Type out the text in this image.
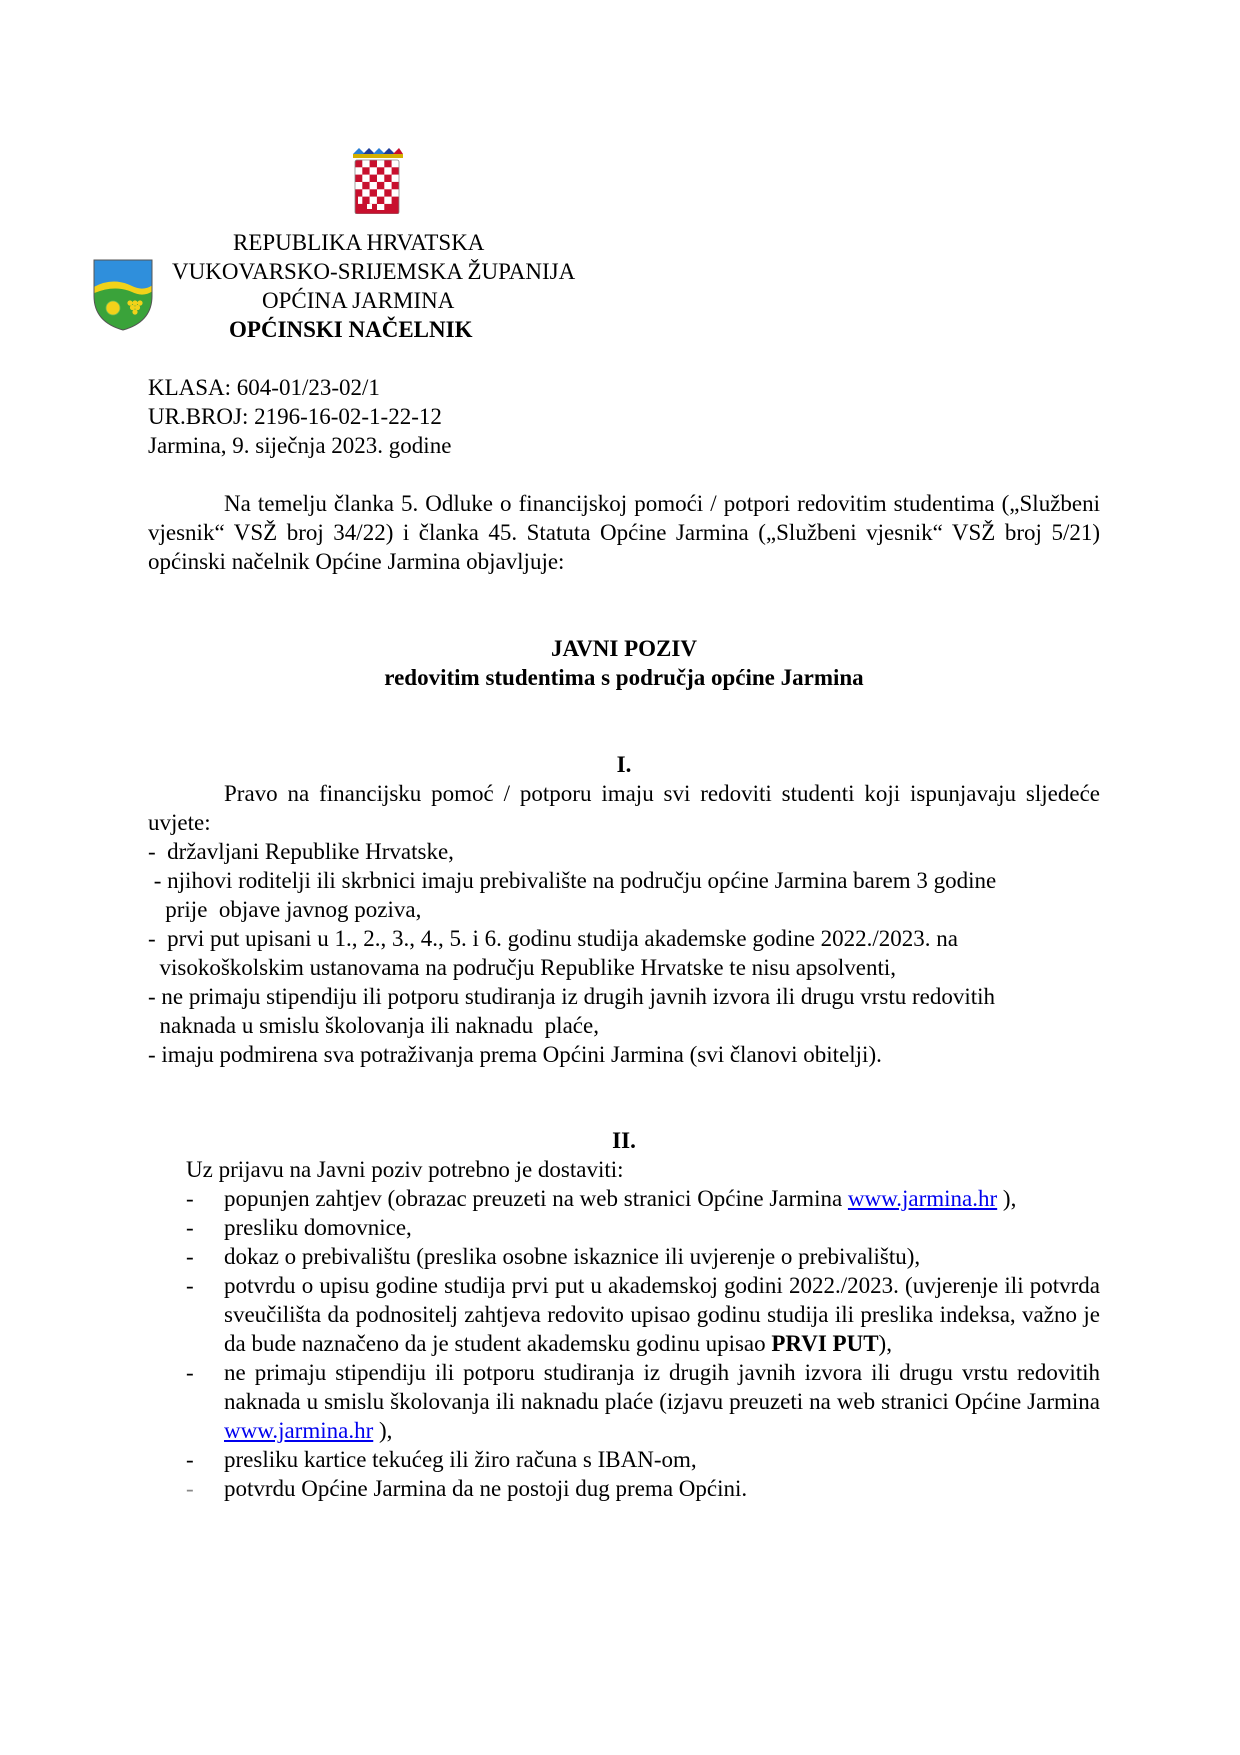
REPUBLIKA HRVATSKA
VUKOVARSKO-SRIJEMSKA ŽUPANIJA
OPĆINA JARMINA
OPĆINSKI NAČELNIK
KLASA: 604-01/23-02/1
UR.BROJ: 2196-16-02-1-22-12
Jarmina, 9. siječnja 2023. godine
Na temelju članka 5. Odluke o financijskoj pomoći / potpori redovitim studentima („Službeni vjesnik“ VSŽ broj 34/22) i članka 45. Statuta Općine Jarmina („Službeni vjesnik“ VSŽ broj 5/21) općinski načelnik Općine Jarmina objavljuje:
JAVNI POZIV
redovitim studentima s područja općine Jarmina
I.
Pravo na financijsku pomoć / potporu imaju svi redoviti studenti koji ispunjavaju sljedeće uvjete:
-  državljani Republike Hrvatske,
- njihovi roditelji ili skrbnici imaju prebivalište na području općine Jarmina barem 3 godine
prije  objave javnog poziva,
-  prvi put upisani u 1., 2., 3., 4., 5. i 6. godinu studija akademske godine 2022./2023. na
visokoškolskim ustanovama na području Republike Hrvatske te nisu apsolventi,
- ne primaju stipendiju ili potporu studiranja iz drugih javnih izvora ili drugu vrstu redovitih
naknada u smislu školovanja ili naknadu  plaće,
- imaju podmirena sva potraživanja prema Općini Jarmina (svi članovi obitelji).
II.
Uz prijavu na Javni poziv potrebno je dostaviti:
- popunjen zahtjev (obrazac preuzeti na web stranici Općine Jarmina www.jarmina.hr ),
- presliku domovnice,
- dokaz o prebivalištu (preslika osobne iskaznice ili uvjerenje o prebivalištu),
- potvrdu o upisu godine studija prvi put u akademskoj godini 2022./2023. (uvjerenje ili potvrda sveučilišta da podnositelj zahtjeva redovito upisao godinu studija ili preslika indeksa, važno je da bude naznačeno da je student akademsku godinu upisao PRVI PUT),
- ne primaju stipendiju ili potporu studiranja iz drugih javnih izvora ili drugu vrstu redovitih naknada u smislu školovanja ili naknadu plaće (izjavu preuzeti na web stranici Općine Jarmina www.jarmina.hr ),
- presliku kartice tekućeg ili žiro računa s IBAN-om,
- potvrdu Općine Jarmina da ne postoji dug prema Općini.
